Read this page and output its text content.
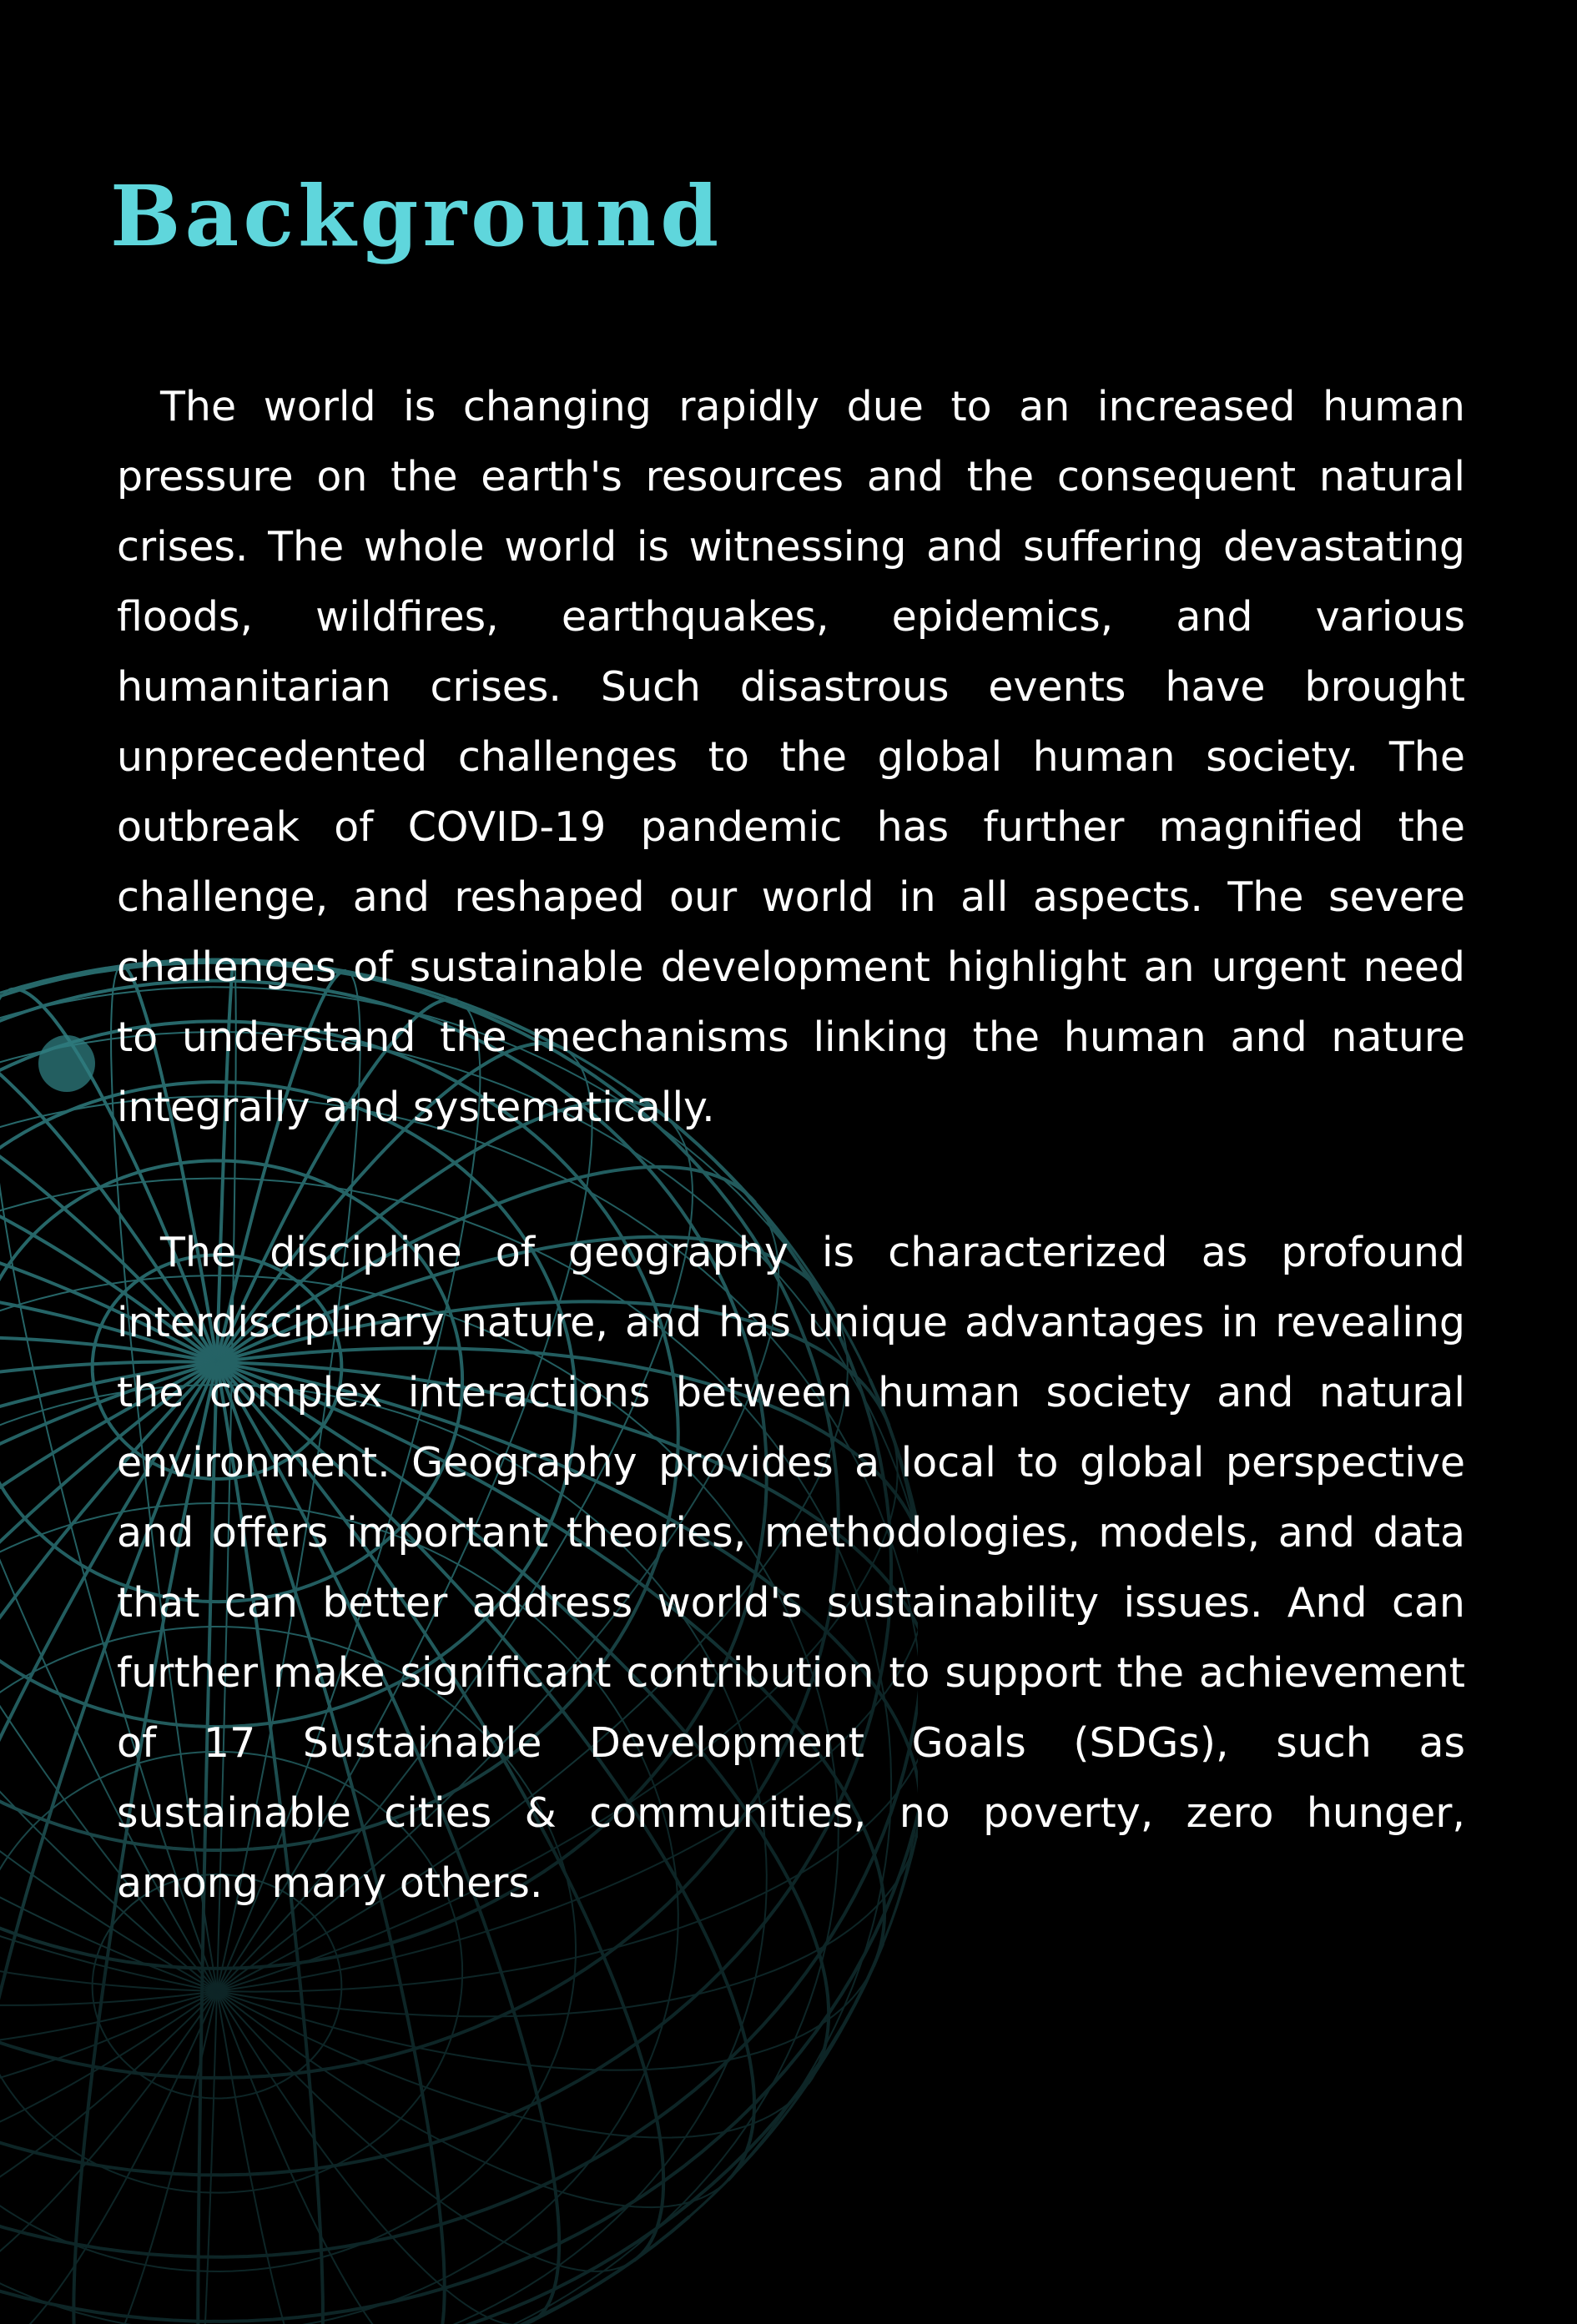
Background

The world is changing rapidly due to an increased human pressure on the earth's resources and the consequent natural crises. The whole world is witnessing and suffering devastating floods, wildfires, earthquakes, epidemics, and various humanitarian crises. Such disastrous events have brought unprecedented challenges to the global human society. The outbreak of COVID-19 pandemic has further magnified the challenge, and reshaped our world in all aspects. The severe challenges of sustainable development highlight an urgent need to understand the mechanisms linking the human and nature integrally and systematically.

The discipline of geography is characterized as profound interdisciplinary nature, and has unique advantages in revealing the complex interactions between human society and natural environment. Geography provides a local to global perspective and offers important theories, methodologies, models, and data that can better address world's sustainability issues. And can further make significant contribution to support the achievement of 17 Sustainable Development Goals (SDGs), such as sustainable cities & communities, no poverty, zero hunger, among many others.
